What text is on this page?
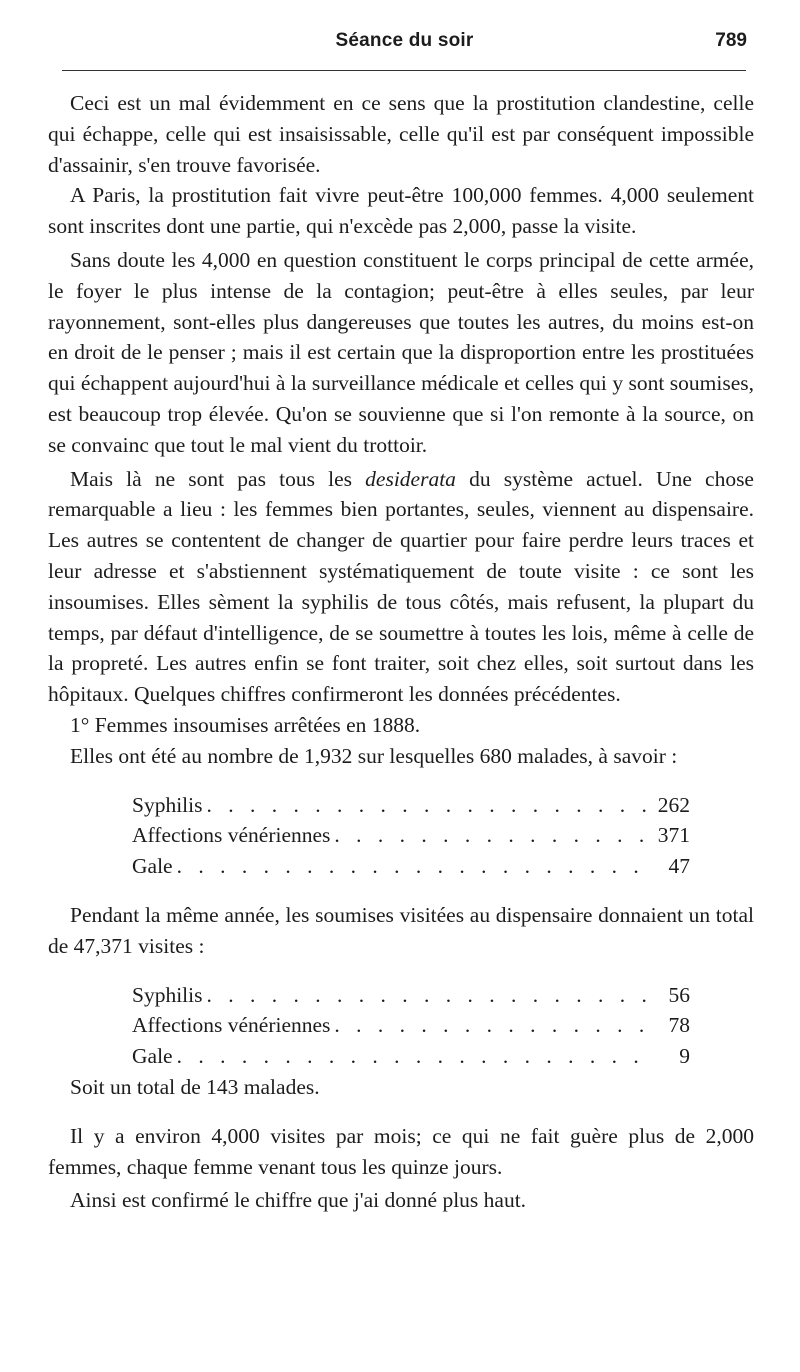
Séance du soir	789

Ceci est un mal évidemment en ce sens que la prostitution clandestine, celle qui échappe, celle qui est insaisissable, celle qu'il est par conséquent impossible d'assainir, s'en trouve favorisée.

A Paris, la prostitution fait vivre peut-être 100,000 femmes. 4,000 seulement sont inscrites dont une partie, qui n'excède pas 2,000, passe la visite.

Sans doute les 4,000 en question constituent le corps principal de cette armée, le foyer le plus intense de la contagion; peut-être à elles seules, par leur rayonnement, sont-elles plus dangereuses que toutes les autres, du moins est-on en droit de le penser ; mais il est certain que la disproportion entre les prostituées qui échappent aujourd'hui à la surveillance médicale et celles qui y sont soumises, est beaucoup trop élevée. Qu'on se souvienne que si l'on remonte à la source, on se convainc que tout le mal vient du trottoir.

Mais là ne sont pas tous les desiderata du système actuel. Une chose remarquable a lieu : les femmes bien portantes, seules, viennent au dispensaire. Les autres se contentent de changer de quartier pour faire perdre leurs traces et leur adresse et s'abstiennent systématiquement de toute visite : ce sont les insoumises. Elles sèment la syphilis de tous côtés, mais refusent, la plupart du temps, par défaut d'intelligence, de se soumettre à toutes les lois, même à celle de la propreté. Les autres enfin se font traiter, soit chez elles, soit surtout dans les hôpitaux. Quelques chiffres confirmeront les données précédentes.

1° Femmes insoumises arrêtées en 1888.

Elles ont été au nombre de 1,932 sur lesquelles 680 malades, à savoir :

Syphilis . . .	262
Affections vénériennes . . .	371
Gale . . .	47

Pendant la même année, les soumises visitées au dispensaire donnaient un total de 47,371 visites :

Syphilis . . .	56
Affections vénériennes . . .	78
Gale . . .	9

Soit un total de 143 malades.

Il y a environ 4,000 visites par mois; ce qui ne fait guère plus de 2,000 femmes, chaque femme venant tous les quinze jours.

Ainsi est confirmé le chiffre que j'ai donné plus haut.
